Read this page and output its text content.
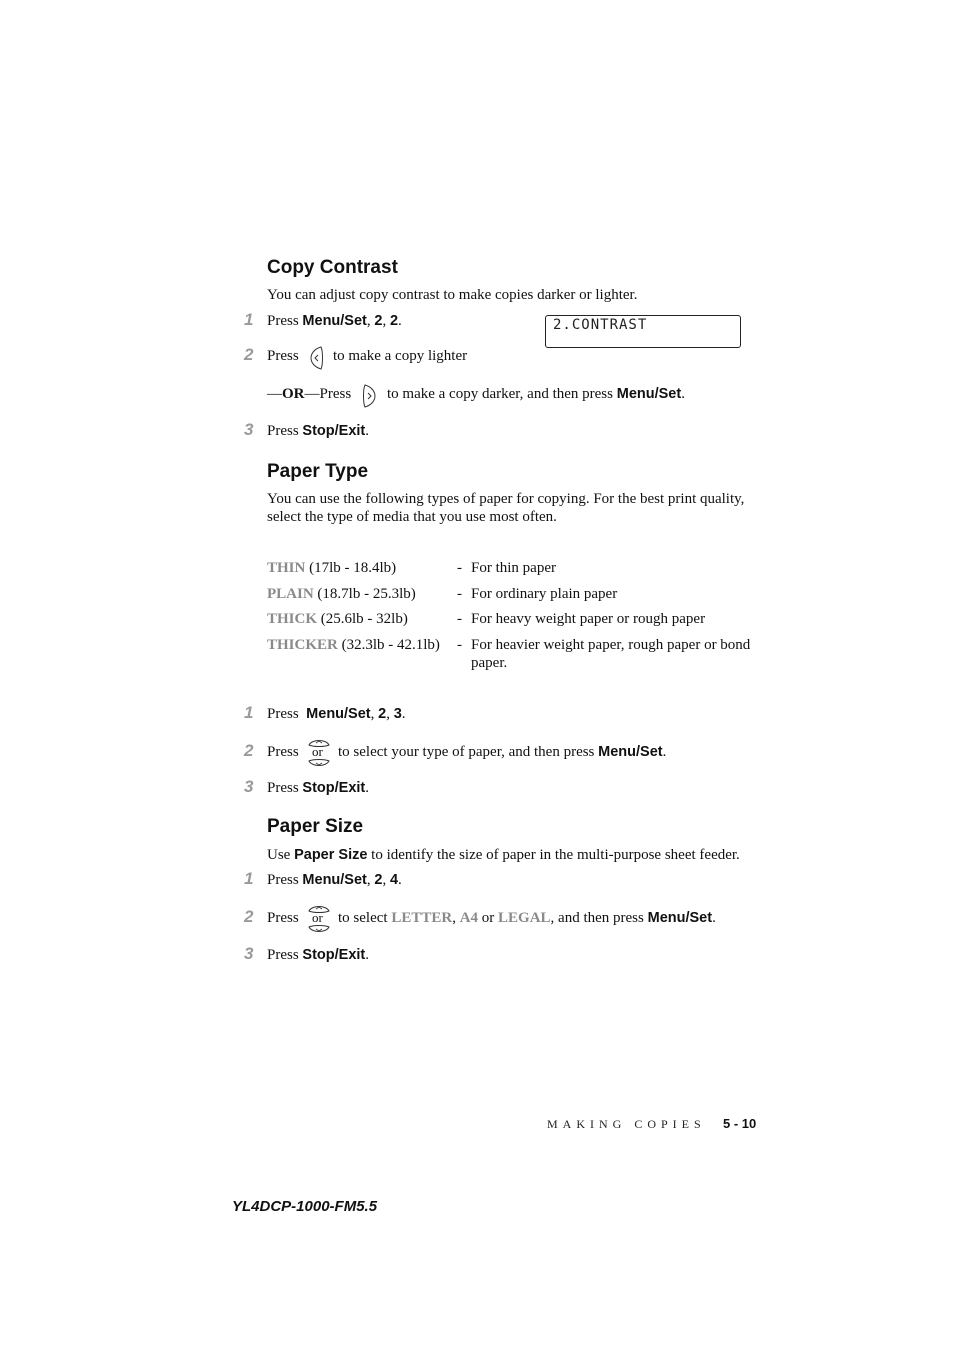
Copy Contrast
You can adjust copy contrast to make copies darker or lighter.
1 Press Menu/Set, 2, 2.	2.CONTRAST
2 Press to make a copy lighter
—OR—Press to make a copy darker, and then press Menu/Set.
3 Press Stop/Exit.
Paper Type
You can use the following types of paper for copying. For the best print quality, select the type of media that you use most often.
THIN (17lb - 18.4lb)	-	For thin paper
PLAIN (18.7lb - 25.3lb)	-	For ordinary plain paper
THICK (25.6lb - 32lb)	-	For heavy weight paper or rough paper
THICKER (32.3lb - 42.1lb)	-	For heavier weight paper, rough paper or bond paper.
1 Press Menu/Set, 2, 3.
2 Press or to select your type of paper, and then press Menu/Set.
3 Press Stop/Exit.
Paper Size
Use Paper Size to identify the size of paper in the multi-purpose sheet feeder.
1 Press Menu/Set, 2, 4.
2 Press or to select LETTER, A4 or LEGAL, and then press Menu/Set.
3 Press Stop/Exit.
MAKING COPIES 5 - 10
YL4DCP-1000-FM5.5
